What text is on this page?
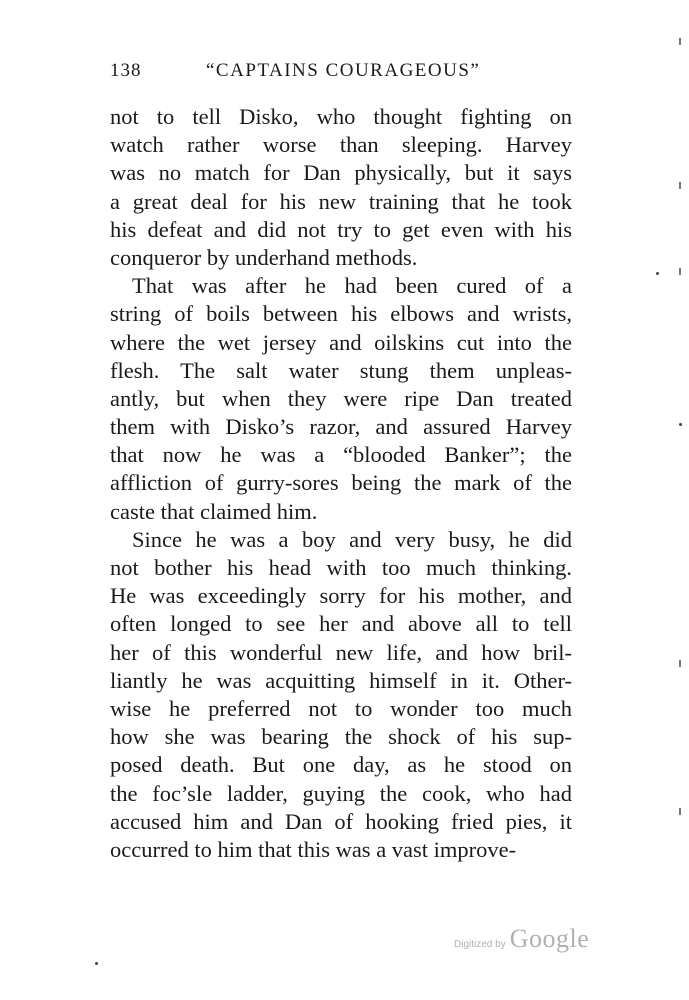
138	“CAPTAINS COURAGEOUS”
not to tell Disko, who thought fighting on
watch rather worse than sleeping. Harvey
was no match for Dan physically, but it says
a great deal for his new training that he took
his defeat and did not try to get even with his
conqueror by underhand methods.
That was after he had been cured of a
string of boils between his elbows and wrists,
where the wet jersey and oilskins cut into the
flesh. The salt water stung them unpleas-
antly, but when they were ripe Dan treated
them with Disko’s razor, and assured Harvey
that now he was a “blooded Banker”; the
affliction of gurry-sores being the mark of the
caste that claimed him.
Since he was a boy and very busy, he did
not bother his head with too much thinking.
He was exceedingly sorry for his mother, and
often longed to see her and above all to tell
her of this wonderful new life, and how bril-
liantly he was acquitting himself in it. Other-
wise he preferred not to wonder too much
how she was bearing the shock of his sup-
posed death. But one day, as he stood on
the foc’sle ladder, guying the cook, who had
accused him and Dan of hooking fried pies, it
occurred to him that this was a vast improve-
Digitized by Google
